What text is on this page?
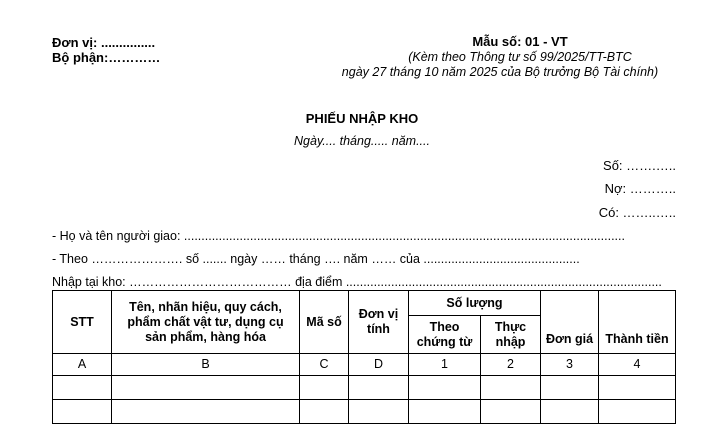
Đơn vị: ...............
Bộ phận:…………
Mẫu số: 01 - VT
(Kèm theo Thông tư số 99/2025/TT-BTC
ngày 27 tháng 10 năm 2025 của Bộ trưởng Bộ Tài chính)
PHIẾU NHẬP KHO
Ngày.... tháng..... năm....
Số: …….…..
Nợ: ………..
Có: ……..…..
- Họ và tên người giao: ...............................................................................................................................
- Theo …………………. số ....... ngày …… tháng …. năm …… của .............................................
Nhập tại kho: ………………………………… địa điểm ...........................................................................................
STT	Tên, nhãn hiệu, quy cách, phẩm chất vật tư, dụng cụ sản phẩm, hàng hóa	Mã số	Đơn vị tính	Số lượng		Đơn giá	Thành tiền
				Theo chứng từ	Thực nhập		
A	B	C	D	1	2	3	4
